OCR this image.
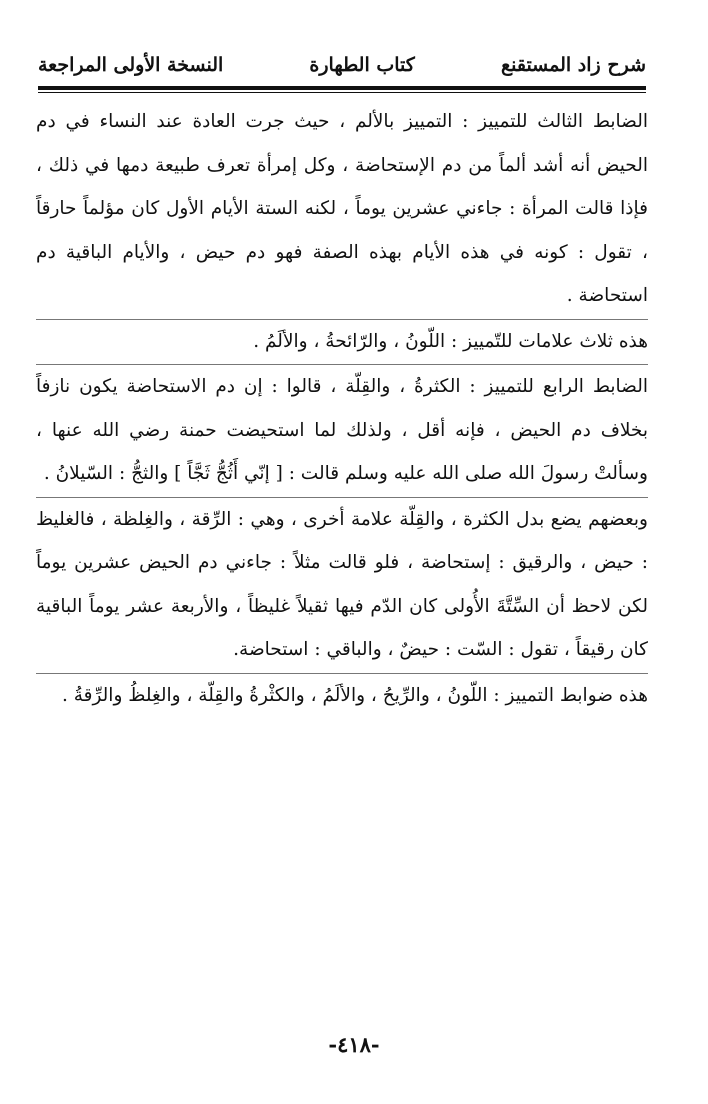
شرح زاد المستقنع
كتاب الطهارة
النسخة الأولى المراجعة

الضابط الثالث للتمييز : التمييز بالألم ، حيث جرت العادة عند النساء في دم الحيض أنه أشد ألماً من دم الإستحاضة ، وكل إمرأة تعرف طبيعة دمها في ذلك ، فإذا قالت المرأة : جاءني عشرين يوماً ، لكنه الستة الأيام الأول كان مؤلماً حارقاً ، تقول : كونه في هذه الأيام بهذه الصفة فهو دم حيض ، والأيام الباقية دم استحاضة .

هذه ثلاث علامات للتّمييز : اللّونُ ، والرّائحةُ ، والألَمُ .

الضابط الرابع للتمييز : الكثرةُ ، والقِلّة ، قالوا : إن دم الاستحاضة يكون نازفاً بخلاف دم الحيض ، فإنه أقل ، ولذلك لما استحيضت حمنة رضي الله عنها ، وسألتْ رسولَ الله صلى الله عليه وسلم قالت : [ إنّي أَثُجُّ ثَجَّاً ] والثجُّ : السّيلانُ .

وبعضهم يضع بدل الكثرة ، والقِلّة علامة أخرى ، وهي : الرِّقة ، والغِلظة ، فالغليظ : حيض ، والرقيق : إستحاضة ، فلو قالت مثلاً : جاءني دم الحيض عشرين يوماً لكن لاحظ أن السِّتَّةَ الأُولى كان الدّم فيها ثقيلاً غليظاً ، والأربعة عشر يوماً الباقية كان رقيقاً ، تقول : السّت : حيضٌ ، والباقي : استحاضة.

هذه ضوابط التمييز : اللّونُ ، والرِّيحُ ، والألَمُ ، والكثْرةُ والقِلّة ، والغِلظُ والرِّقةُ .

-٤١٨-
